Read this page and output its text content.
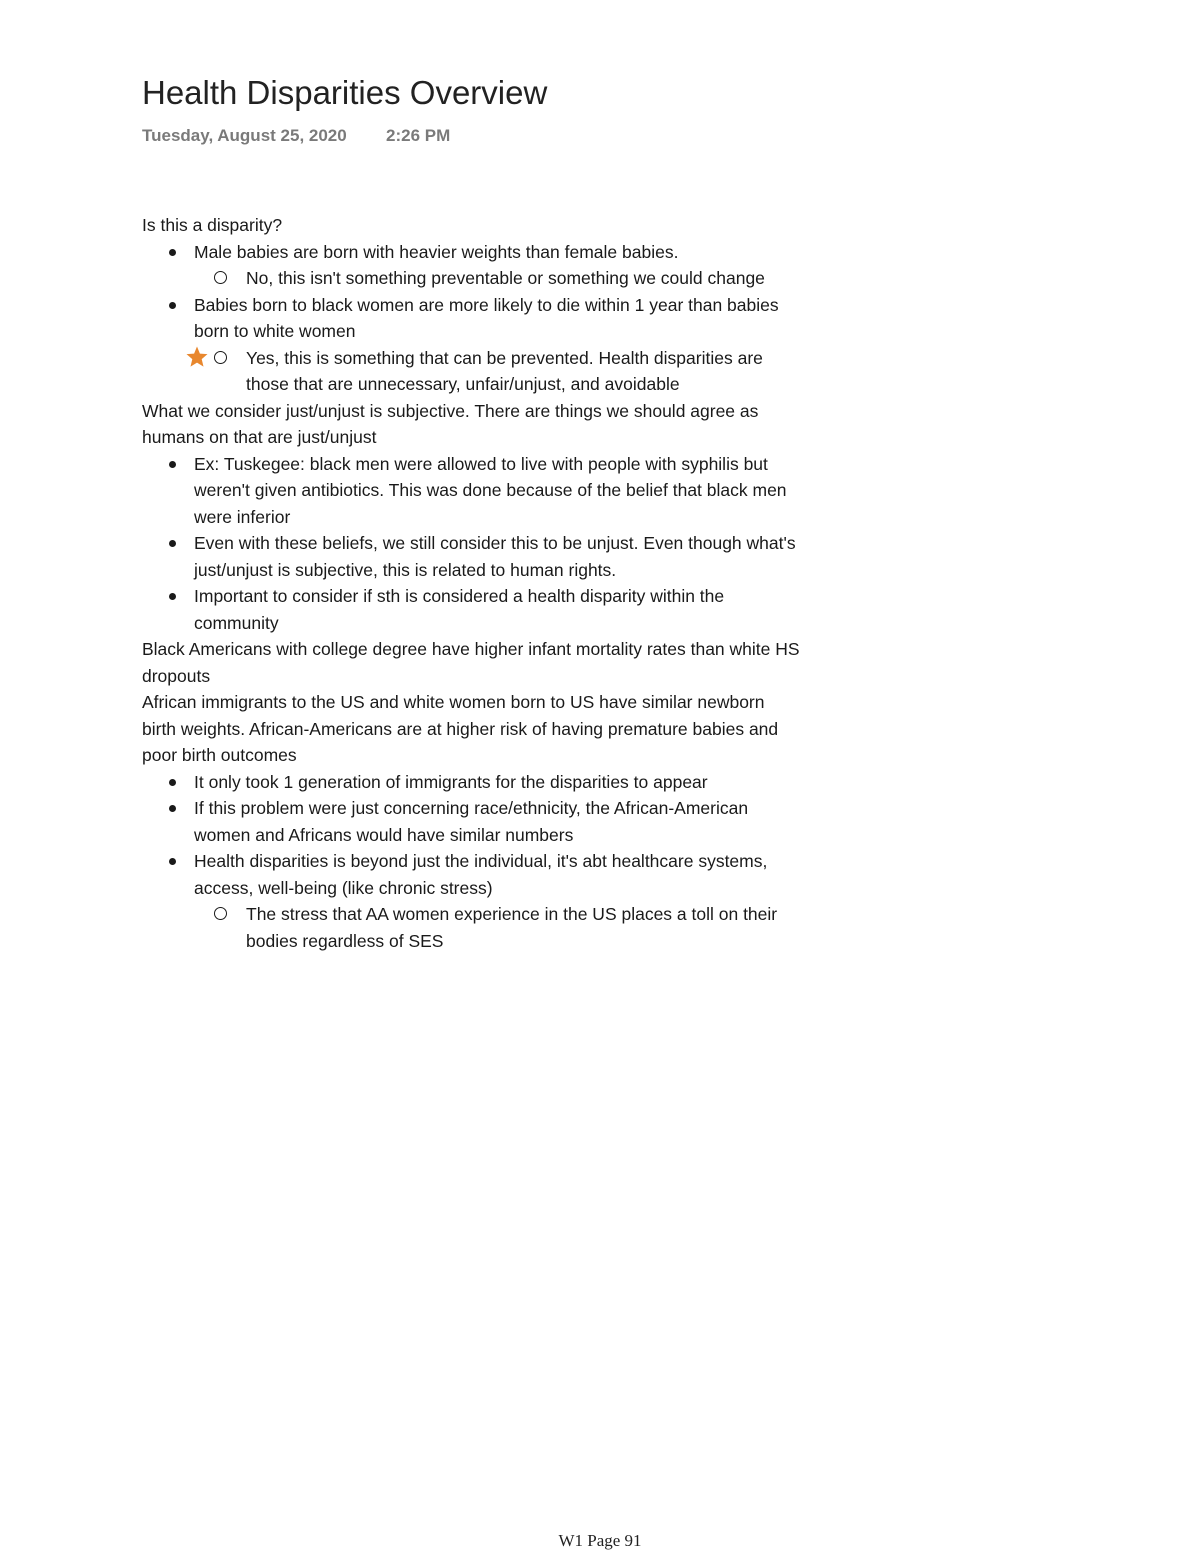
Health Disparities Overview
Tuesday, August 25, 2020 2:26 PM

Is this a disparity?

Male babies are born with heavier weights than female babies.
No, this isn't something preventable or something we could change
Babies born to black women are more likely to die within 1 year than babies born to white women
Yes, this is something that can be prevented. Health disparities are those that are unnecessary, unfair/unjust, and avoidable

What we consider just/unjust is subjective. There are things we should agree as humans on that are just/unjust

Ex: Tuskegee: black men were allowed to live with people with syphilis but weren't given antibiotics. This was done because of the belief that black men were inferior
Even with these beliefs, we still consider this to be unjust. Even though what's just/unjust is subjective, this is related to human rights.
Important to consider if sth is considered a health disparity within the community

Black Americans with college degree have higher infant mortality rates than white HS dropouts

African immigrants to the US and white women born to US have similar newborn birth weights. African-Americans are at higher risk of having premature babies and poor birth outcomes

It only took 1 generation of immigrants for the disparities to appear
If this problem were just concerning race/ethnicity, the African-American women and Africans would have similar numbers
Health disparities is beyond just the individual, it's abt healthcare systems, access, well-being (like chronic stress)
The stress that AA women experience in the US places a toll on their bodies regardless of SES
W1 Page 91
